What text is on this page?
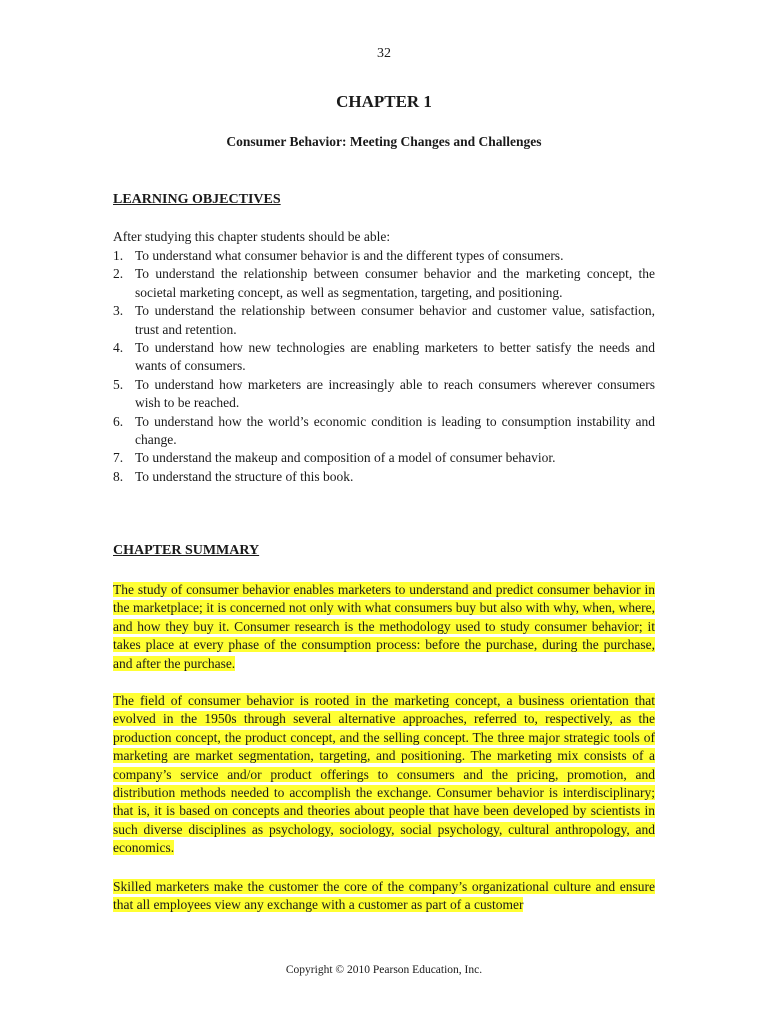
32
CHAPTER 1
Consumer Behavior: Meeting Changes and Challenges
LEARNING OBJECTIVES
After studying this chapter students should be able:
1. To understand what consumer behavior is and the different types of consumers.
2. To understand the relationship between consumer behavior and the marketing concept, the societal marketing concept, as well as segmentation, targeting, and positioning.
3. To understand the relationship between consumer behavior and customer value, satisfaction, trust and retention.
4. To understand how new technologies are enabling marketers to better satisfy the needs and wants of consumers.
5. To understand how marketers are increasingly able to reach consumers wherever consumers wish to be reached.
6. To understand how the world’s economic condition is leading to consumption instability and change.
7. To understand the makeup and composition of a model of consumer behavior.
8. To understand the structure of this book.
CHAPTER SUMMARY

The study of consumer behavior enables marketers to understand and predict consumer behavior in the marketplace; it is concerned not only with what consumers buy but also with why, when, where, and how they buy it. Consumer research is the methodology used to study consumer behavior; it takes place at every phase of the consumption process: before the purchase, during the purchase, and after the purchase.

The field of consumer behavior is rooted in the marketing concept, a business orientation that evolved in the 1950s through several alternative approaches, referred to, respectively, as the production concept, the product concept, and the selling concept. The three major strategic tools of marketing are market segmentation, targeting, and positioning. The marketing mix consists of a company’s service and/or product offerings to consumers and the pricing, promotion, and distribution methods needed to accomplish the exchange. Consumer behavior is interdisciplinary; that is, it is based on concepts and theories about people that have been developed by scientists in such diverse disciplines as psychology, sociology, social psychology, cultural anthropology, and economics.

Skilled marketers make the customer the core of the company’s organizational culture and ensure that all employees view any exchange with a customer as part of a customer

Copyright © 2010 Pearson Education, Inc.
